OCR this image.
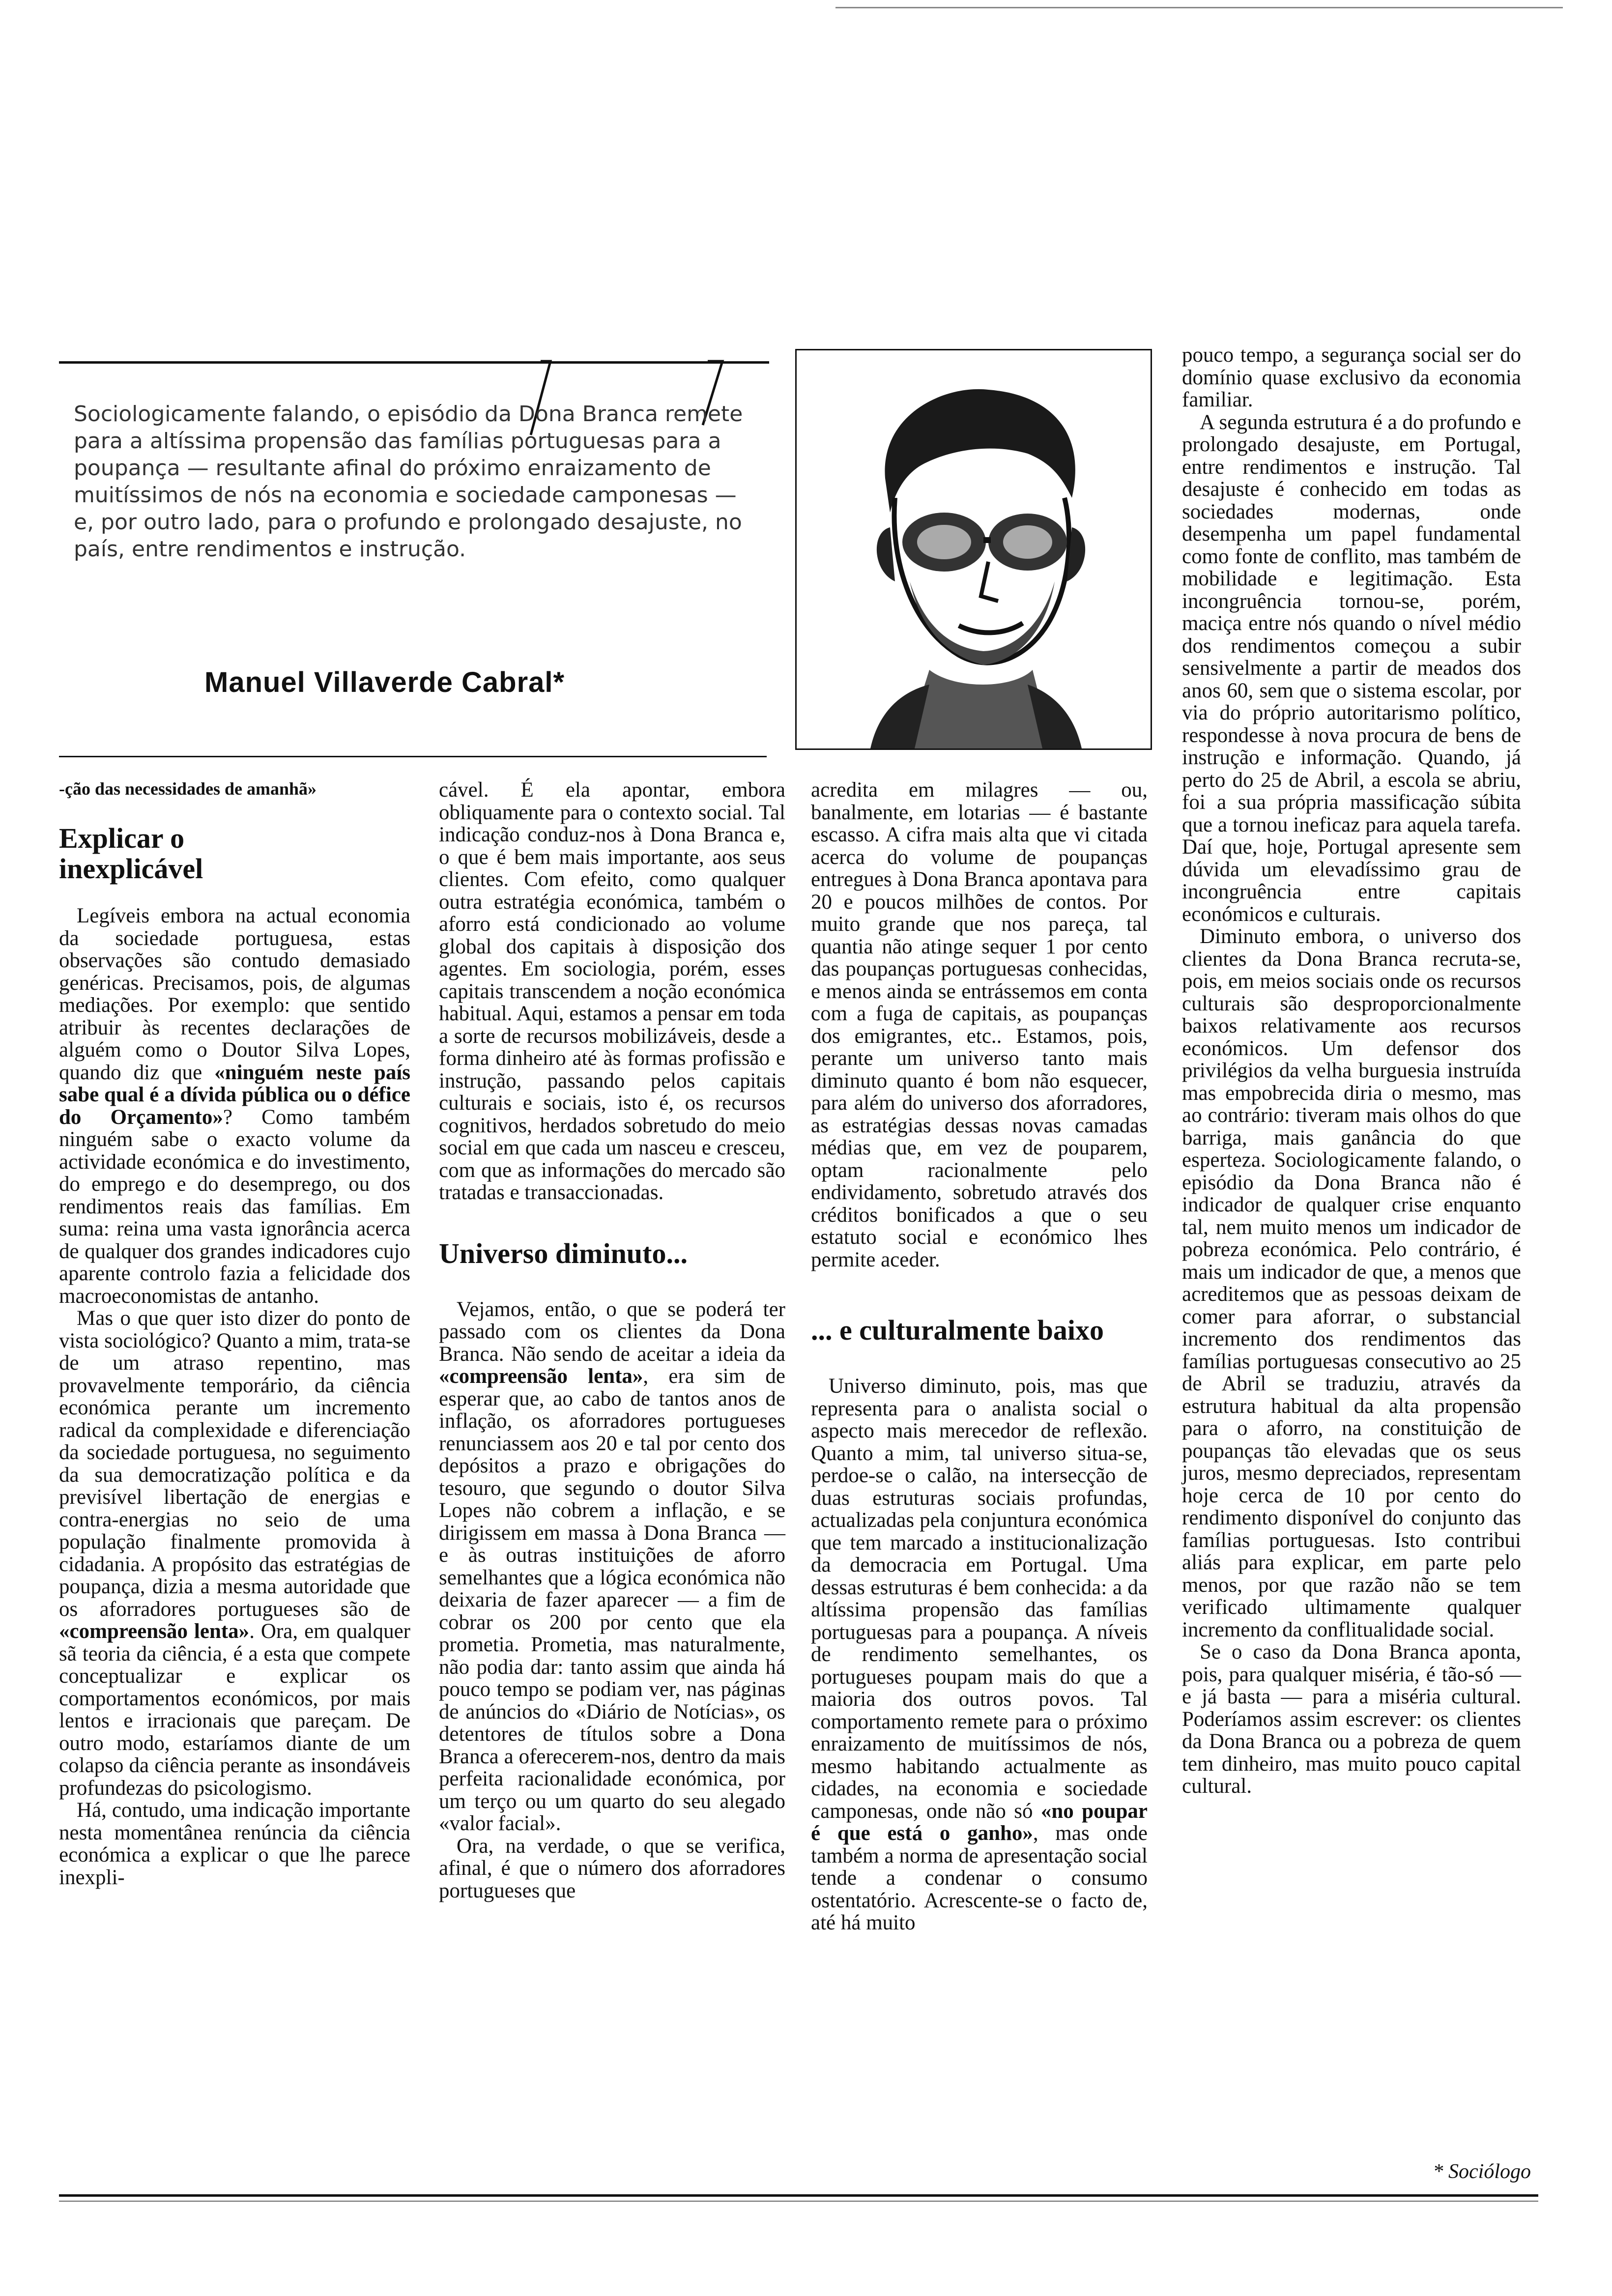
Sociologicamente falando, o episódio da Dona Branca remete para a altíssima propensão das famílias portuguesas para a poupança — resultante afinal do próximo enraizamento de muitíssimos de nós na economia e sociedade camponesas — e, por outro lado, para o profundo e prolongado desajuste, no país, entre rendimentos e instrução.
Manuel Villaverde Cabral*

-ção das necessidades de amanhã»

Explicar o inexplicável

Legíveis embora na actual economia da sociedade portuguesa, estas observações são contudo demasiado genéricas. Precisamos, pois, de algumas mediações. Por exemplo: que sentido atribuir às recentes declarações de alguém como o Doutor Silva Lopes, quando diz que «ninguém neste país sabe qual é a dívida pública ou o défice do Orçamento»? Como também ninguém sabe o exacto volume da actividade económica e do investimento, do emprego e do desemprego, ou dos rendimentos reais das famílias. Em suma: reina uma vasta ignorância acerca de qualquer dos grandes indicadores cujo aparente controlo fazia a felicidade dos macroeconomistas de antanho.

Mas o que quer isto dizer do ponto de vista sociológico? Quanto a mim, trata-se de um atraso repentino, mas provavelmente temporário, da ciência económica perante um incremento radical da complexidade e diferenciação da sociedade portuguesa, no seguimento da sua democratização política e da previsível libertação de energias e contra-energias no seio de uma população finalmente promovida à cidadania. A propósito das estratégias de poupança, dizia a mesma autoridade que os aforradores portugueses são de «compreensão lenta». Ora, em qualquer sã teoria da ciência, é a esta que compete conceptualizar e explicar os comportamentos económicos, por mais lentos e irracionais que pareçam. De outro modo, estaríamos diante de um colapso da ciência perante as insondáveis profundezas do psicologismo.

Há, contudo, uma indicação importante nesta momentânea renúncia da ciência económica a explicar o que lhe parece inexpli-

cável. É ela apontar, embora obliquamente para o contexto social. Tal indicação conduz-nos à Dona Branca e, o que é bem mais importante, aos seus clientes. Com efeito, como qualquer outra estratégia económica, também o aforro está condicionado ao volume global dos capitais à disposição dos agentes. Em sociologia, porém, esses capitais transcendem a noção económica habitual. Aqui, estamos a pensar em toda a sorte de recursos mobilizáveis, desde a forma dinheiro até às formas profissão e instrução, passando pelos capitais culturais e sociais, isto é, os recursos cognitivos, herdados sobretudo do meio social em que cada um nasceu e cresceu, com que as informações do mercado são tratadas e transaccionadas.

Universo diminuto...

Vejamos, então, o que se poderá ter passado com os clientes da Dona Branca. Não sendo de aceitar a ideia da «compreensão lenta», era sim de esperar que, ao cabo de tantos anos de inflação, os aforradores portugueses renunciassem aos 20 e tal por cento dos depósitos a prazo e obrigações do tesouro, que segundo o doutor Silva Lopes não cobrem a inflação, e se dirigissem em massa à Dona Branca — e às outras instituições de aforro semelhantes que a lógica económica não deixaria de fazer aparecer — a fim de cobrar os 200 por cento que ela prometia. Prometia, mas naturalmente, não podia dar: tanto assim que ainda há pouco tempo se podiam ver, nas páginas de anúncios do «Diário de Notícias», os detentores de títulos sobre a Dona Branca a oferecerem-nos, dentro da mais perfeita racionalidade económica, por um terço ou um quarto do seu alegado «valor facial».

Ora, na verdade, o que se verifica, afinal, é que o número dos aforradores portugueses que

acredita em milagres — ou, banalmente, em lotarias — é bastante escasso. A cifra mais alta que vi citada acerca do volume de poupanças entregues à Dona Branca apontava para 20 e poucos milhões de contos. Por muito grande que nos pareça, tal quantia não atinge sequer 1 por cento das poupanças portuguesas conhecidas, e menos ainda se entrássemos em conta com a fuga de capitais, as poupanças dos emigrantes, etc.. Estamos, pois, perante um universo tanto mais diminuto quanto é bom não esquecer, para além do universo dos aforradores, as estratégias dessas novas camadas médias que, em vez de pouparem, optam racionalmente pelo endividamento, sobretudo através dos créditos bonificados a que o seu estatuto social e económico lhes permite aceder.

... e culturalmente baixo

Universo diminuto, pois, mas que representa para o analista social o aspecto mais merecedor de reflexão. Quanto a mim, tal universo situa-se, perdoe-se o calão, na intersecção de duas estruturas sociais profundas, actualizadas pela conjuntura económica que tem marcado a institucionalização da democracia em Portugal. Uma dessas estruturas é bem conhecida: a da altíssima propensão das famílias portuguesas para a poupança. A níveis de rendimento semelhantes, os portugueses poupam mais do que a maioria dos outros povos. Tal comportamento remete para o próximo enraizamento de muitíssimos de nós, mesmo habitando actualmente as cidades, na economia e sociedade camponesas, onde não só «no poupar é que está o ganho», mas onde também a norma de apresentação social tende a condenar o consumo ostentatório. Acrescente-se o facto de, até há muito

pouco tempo, a segurança social ser do domínio quase exclusivo da economia familiar.

A segunda estrutura é a do profundo e prolongado desajuste, em Portugal, entre rendimentos e instrução. Tal desajuste é conhecido em todas as sociedades modernas, onde desempenha um papel fundamental como fonte de conflito, mas também de mobilidade e legitimação. Esta incongruência tornou-se, porém, maciça entre nós quando o nível médio dos rendimentos começou a subir sensivelmente a partir de meados dos anos 60, sem que o sistema escolar, por via do próprio autoritarismo político, respondesse à nova procura de bens de instrução e informação. Quando, já perto do 25 de Abril, a escola se abriu, foi a sua própria massificação súbita que a tornou ineficaz para aquela tarefa. Daí que, hoje, Portugal apresente sem dúvida um elevadíssimo grau de incongruência entre capitais económicos e culturais.

Diminuto embora, o universo dos clientes da Dona Branca recruta-se, pois, em meios sociais onde os recursos culturais são desproporcionalmente baixos relativamente aos recursos económicos. Um defensor dos privilégios da velha burguesia instruída mas empobrecida diria o mesmo, mas ao contrário: tiveram mais olhos do que barriga, mais ganância do que esperteza. Sociologicamente falando, o episódio da Dona Branca não é indicador de qualquer crise enquanto tal, nem muito menos um indicador de pobreza económica. Pelo contrário, é mais um indicador de que, a menos que acreditemos que as pessoas deixam de comer para aforrar, o substancial incremento dos rendimentos das famílias portuguesas consecutivo ao 25 de Abril se traduziu, através da estrutura habitual da alta propensão para o aforro, na constituição de poupanças tão elevadas que os seus juros, mesmo depreciados, representam hoje cerca de 10 por cento do rendimento disponível do conjunto das famílias portuguesas. Isto contribui aliás para explicar, em parte pelo menos, por que razão não se tem verificado ultimamente qualquer incremento da conflitualidade social.

Se o caso da Dona Branca aponta, pois, para qualquer miséria, é tão-só — e já basta — para a miséria cultural. Poderíamos assim escrever: os clientes da Dona Branca ou a pobreza de quem tem dinheiro, mas muito pouco capital cultural.

* Sociólogo
